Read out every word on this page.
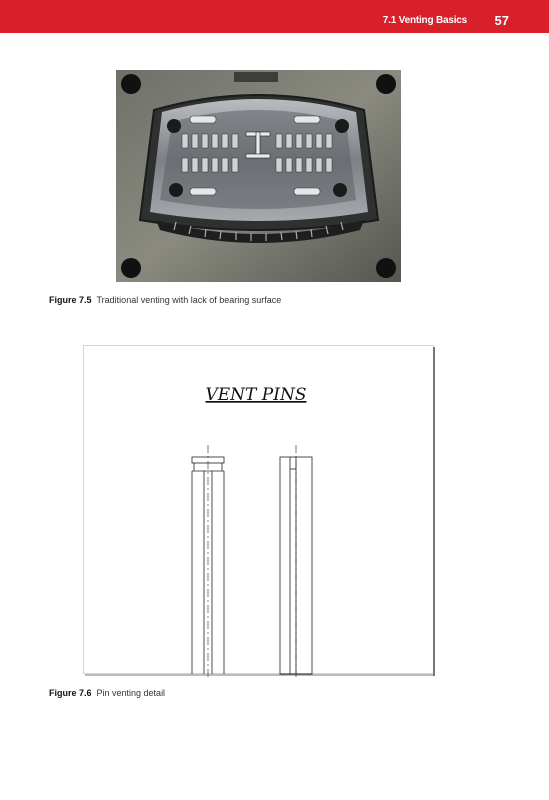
7.1 Venting Basics 57
Figure 7.5 Traditional venting with lack of bearing surface
VENT PINS
Figure 7.6 Pin venting detail
